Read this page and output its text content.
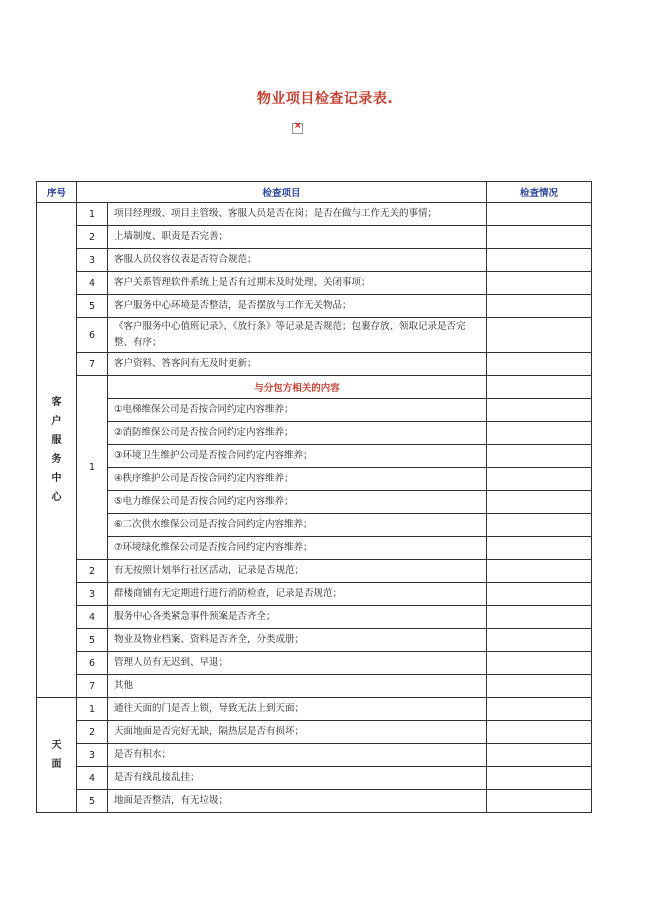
物业项目检查记录表.
×
序号	检查项目		检查情况
客户服务中心	1	项目经理级、项目主管级、客服人员是否在岗；是否在做与工作无关的事情；	
	2	上墙制度、职责是否完善；	
	3	客服人员仪容仪表是否符合规范；	
	4	客户关系管理软件系统上是否有过期未及时处理、关闭事项；	
	5	客户服务中心环境是否整洁，是否摆放与工作无关物品；	
	6	《客户服务中心值班记录》、《放行条》等记录是否规范；包裹存放、领取记录是否完整、有序；	
	7	客户资料、答客问有无及时更新；	
	1	与分包方相关的内容	
		①电梯维保公司是否按合同约定内容维养；	
		②消防维保公司是否按合同约定内容维养；	
		③环境卫生维护公司是否按合同约定内容维养；	
		④秩序维护公司是否按合同约定内容维养；	
		⑤电力维保公司是否按合同约定内容维养；	
		⑥二次供水维保公司是否按合同约定内容维养；	
		⑦环境绿化维保公司是否按合同约定内容维养；	
	2	有无按照计划举行社区活动，记录是否规范；	
	3	群楼商铺有无定期进行进行消防检查，记录是否规范；	
	4	服务中心各类紧急事件预案是否齐全；	
	5	物业及物业档案、资料是否齐全，分类成册；	
	6	管理人员有无迟到、早退；	
	7	其他	
天面	1	通往天面的门是否上锁，导致无法上到天面；	
	2	天面地面是否完好无缺，隔热层是否有损坏；	
	3	是否有积水；	
	4	是否有线乱接乱挂；	
	5	地面是否整洁，有无垃圾；	
